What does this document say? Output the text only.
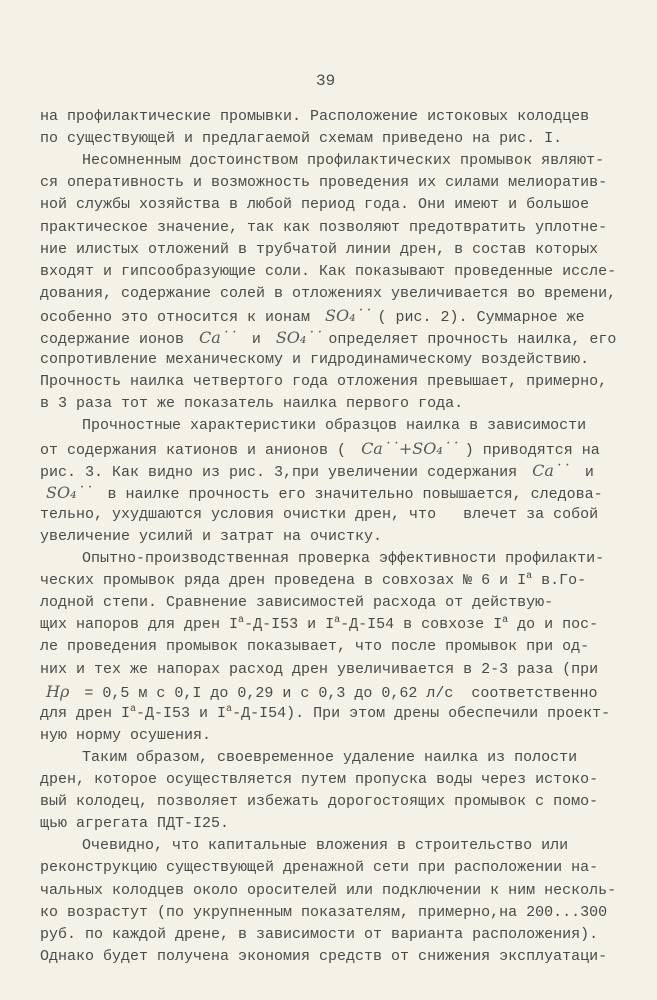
39
на профилактические промывки. Расположение истоковых колодцев
по существующей и предлагаемой схемам приведено на рис. I.
Несомненным достоинством профилактических промывок являют-
ся оперативность и возможность проведения их силами мелиоратив-
ной службы хозяйства в любой период года. Они имеют и большое
практическое значение, так как позволяют предотвратить уплотне-
ние илистых отложений в трубчатой линии дрен, в состав которых
входят и гипсообразующие соли. Как показывают проведенные иссле-
дования, содержание солей в отложениях увеличивается во времени,
особенно это относится к ионам SO₄˙˙ ( рис. 2). Суммарное же
содержание ионов Ca˙˙ и SO₄˙˙ определяет прочность наилка, его
сопротивление механическому и гидродинамическому воздействию.
Прочность наилка четвертого года отложения превышает, примерно,
в 3 раза тот же показатель наилка первого года.
Прочностные характеристики образцов наилка в зависимости
от содержания катионов и анионов ( Ca˙˙+SO₄˙˙ ) приводятся на
рис. 3. Как видно из рис. 3,при увеличении содержания Ca˙˙ и
SO₄˙˙ в наилке прочность его значительно повышается, следова-
тельно, ухудшаются условия очистки дрен, что   влечет за собой
увеличение усилий и затрат на очистку.
Опытно-производственная проверка эффективности профилакти-
ческих промывок ряда дрен проведена в совхозах № 6 и $I^а$ в.Го-
лодной степи. Сравнение зависимостей расхода от действую-
щих напоров для дрен $I^а-Д-I53$ и $I^а-Д-I54$ в совхозе $I^а$ до и пос-
ле проведения промывок показывает, что после промывок при од-
них и тех же напорах расход дрен увеличивается в 2-3 раза (при
Hρ = 0,5 м с 0,I до 0,29 и с 0,3 до 0,62 л/с  соответственно
для дрен $I^а-Д-I53$ и $I^а-Д-I54$). При этом дрены обеспечили проект-
ную норму осушения.
Таким образом, своевременное удаление наилка из полости
дрен, которое осуществляется путем пропуска воды через истоко-
вый колодец, позволяет избежать дорогостоящих промывок с помо-
щью агрегата ПДТ-I25.
Очевидно, что капитальные вложения в строительство или
реконструкцию существующей дренажной сети при расположении на-
чальных колодцев около оросителей или подключении к ним несколь-
ко возрастут (по укрупненным показателям, примерно,на 200...300
руб. по каждой дрене, в зависимости от варианта расположения).
Однако будет получена экономия средств от снижения эксплуатаци-
